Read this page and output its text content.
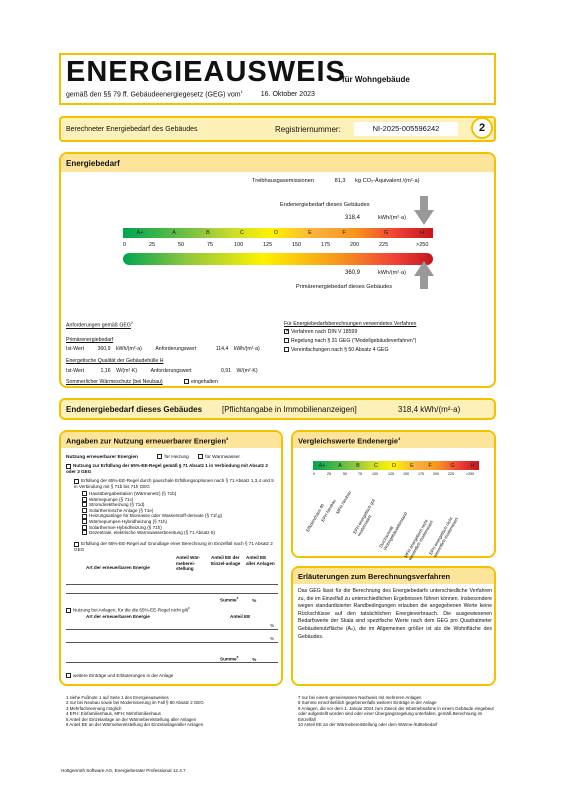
ENERGIEAUSWEIS
für Wohngebäude
gemäß den §§ 79 ff. Gebäudeenergiegesetz (GEG) vom$^1$	16. Oktober 2023
Berechneter Energiebedarf des Gebäudes	Registriernummer:	NI-2025-005596242	2
Energiebedarf
Treibhausgasemissionen	81,3 kg CO₂-Äquivalent /(m²·a)
Endenergiebedarf dieses Gebäudes
318,4	kWh/(m²·a)
A+	A	B	C	D	E	F	G	H
0	25	50	75	100	125	150	175	200	225	>250
360,9	kWh/(m²·a)
Primärenergiebedarf dieses Gebäudes
Anforderungen gemäß GEG$^2$
Primärenergiebedarf
Ist-Wert	360,9 kWh/(m²·a)	Anforderungswert	114,4 kWh/(m²·a)
Energetische Qualität der Gebäudehülle H
Ist-Wert	1,16 W/(m²·K)	Anforderungswert	0,91 W/(m²·K)
Sommerlicher Wärmeschutz (bei Neubau)	eingehalten
Für Energiebedarfsberechnungen verwendetes Verfahren
✕Verfahren nach DIN V 18599
Regelung nach § 31 GEG ("Modellgebäudeverfahren")
Vereinfachungen nach § 50 Absatz 4 GEG
Endenergiebedarf dieses Gebäudes [Pflichtangabe in Immobilienanzeigen]	318,4 kWh/(m²·a)
Angaben zur Nutzung erneuerbarer Energien$^3$
Nutzung erneuerbarer Energien	für Heizung	für Warmwasser
Nutzung zur Erfüllung der 65%-EE-Regel gemäß § 71 Absatz 1 in Verbindung mit Absatz 2 oder 3 GEG
Erfüllung der 65%-EE-Regel durch pauschale Erfüllungsoptionen nach § 71 Absatz 1,3,4 und 5 in Verbindung mit § 71b bis 71h GEG
Hausübergabestation (Wärmenetz) (§ 71b)
Wärmepumpe (§ 71c)
Stromdirektheizung (§ 71d)
Solarthermische Anlage (§ 71e)
Heizungsanlage für Biomasse oder Wasserstoff-derivate (§ 71f,g)
Wärmepumpen-Hybridheizung (§ 71h)
Solarthermie-Hybridheizung (§ 71h)
Dezentrale, elektrische Warmwasserbereitung (§ 71 Absatz 5)
Erfüllung der 65%-EE-Regel auf Grundlage einer Berechnung im Einzelfall nach § 71 Absatz 2 GEG
Art der erneuerbaren Energie
Anteil Wär-meberei-stellung
Anteil EE der Einzel-anlage
Anteil EE aller Anlagen
Summe$^8$	%
Nutzung bei Anlagen, für die die 65%-EE-Regel nicht gilt$^9$
Art der erneuerbaren Energie	Anteil EE
%
%
Summe$^8$	%
weitere Einträge und Erläuterungen in der Anlage
Vergleichswerte Endenergie$^4$
A+	A	B	C	D	E	F	G	H
0	25	50	75	100	125	150	175	200	225	>250
Effizienzhaus 40
EFH Neubau
MFH Neubau EFH energetisch gut modernisiert	Durchschnitt Wohngebäudebestand
MFH energetisch nicht wesentlich modernisiert
EFH energetisch nicht wesentlich modernisiert
Erläuterungen zum Berechnungsverfahren
Das GEG lässt für die Berechnung des Energiebedarfs unterschiedliche Verfahren zu, die im Einzelfall zu unterschiedlichen Ergebnissen führen können. Insbesondere wegen standardisierter Randbedingungen erlauben die angegebenen Werte keine Rückschlüsse auf den tatsächlichen Energieverbrauch. Die ausgewiesenen Bedarfswerte der Skala sind spezifische Werte nach dem GEG pro Quadratmeter Gebäudenutzfläche (Aₙ), die im Allgemeinen größer ist als die Wohnfläche des Gebäudes.
1 siehe Fußnote 1 auf Seite 1 des Energieausweises
2 nur bei Neubau sowie bei Modernisierung im Fall § 80 Absatz 2 GEG
3 Mehrfachnennung möglich
4 EFH: Einfamilienhaus, MFH: Mehrfamilienhaus
5 Anteil der Einzelanlage an der Wärmebereitstellung aller Anlagen
6 Anteil EE an der Wärmebereitstellung der Einzelanlage/aller Anlagen
7 nur bei einem gemeinsamen Nachweis mit mehreren Anlagen
8 Summe einschließlich gegebenenfalls weiterer Einträge in der Anlage
9 Anlagen, die vor dem 1. Januar 2024 zum Zweck der Inbetriebnahme in einem Gebäude eingebaut oder aufgestellt worden sind oder einer Übergangsregelung unterfallen, gemäß Berechnung im Einzelfall
10 Anteil EE an der Wärmebereitstellung oder dem Wärme-/Kältebedarf
Hottgenroth Software AG, Energieberater Professional 12.4.7
